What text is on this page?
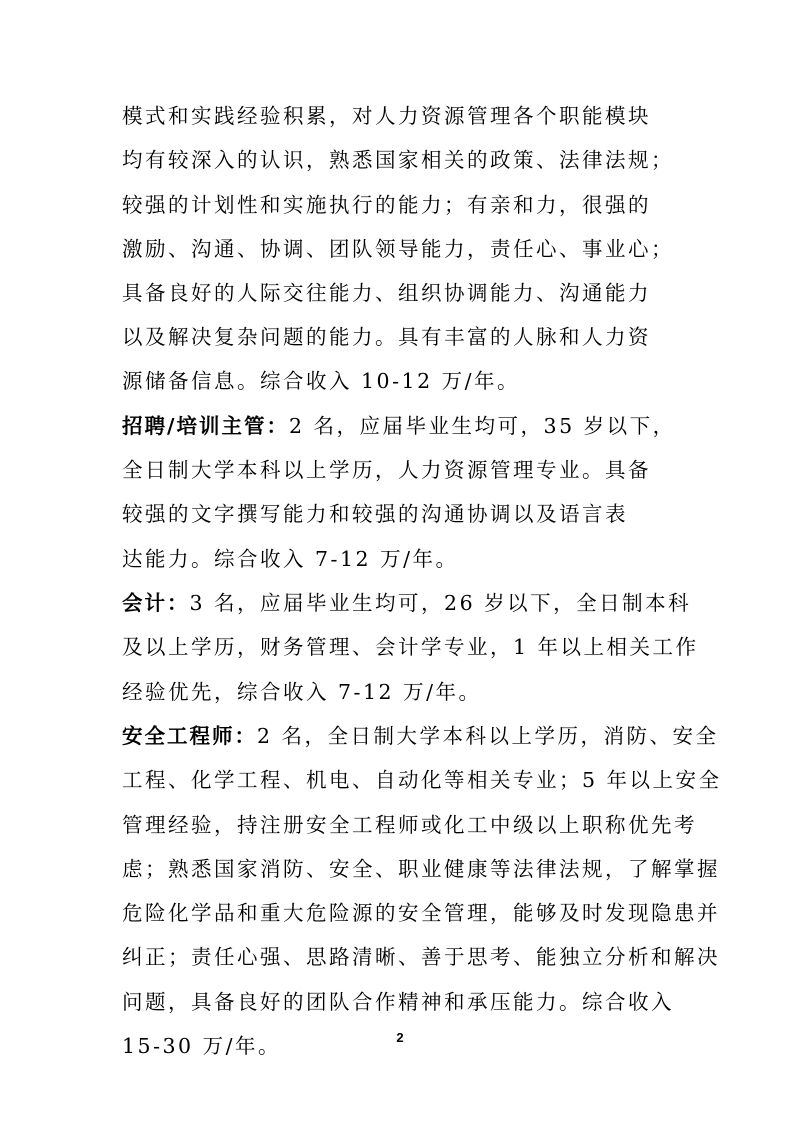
模式和实践经验积累，对人力资源管理各个职能模块
均有较深入的认识，熟悉国家相关的政策、法律法规；
较强的计划性和实施执行的能力；有亲和力，很强的
激励、沟通、协调、团队领导能力，责任心、事业心；
具备良好的人际交往能力、组织协调能力、沟通能力
以及解决复杂问题的能力。具有丰富的人脉和人力资
源储备信息。综合收入 10-12 万/年。
招聘/培训主管：2 名，应届毕业生均可，35 岁以下，
全日制大学本科以上学历，人力资源管理专业。具备
较强的文字撰写能力和较强的沟通协调以及语言表
达能力。综合收入 7-12 万/年。
会计：3 名，应届毕业生均可，26 岁以下，全日制本科
及以上学历，财务管理、会计学专业，1 年以上相关工作
经验优先，综合收入 7-12 万/年。
安全工程师：2 名，全日制大学本科以上学历，消防、安全
工程、化学工程、机电、自动化等相关专业；5 年以上安全
管理经验，持注册安全工程师或化工中级以上职称优先考
虑；熟悉国家消防、安全、职业健康等法律法规，了解掌握
危险化学品和重大危险源的安全管理，能够及时发现隐患并
纠正；责任心强、思路清晰、善于思考、能独立分析和解决
问题，具备良好的团队合作精神和承压能力。综合收入
15-30 万/年。	2
